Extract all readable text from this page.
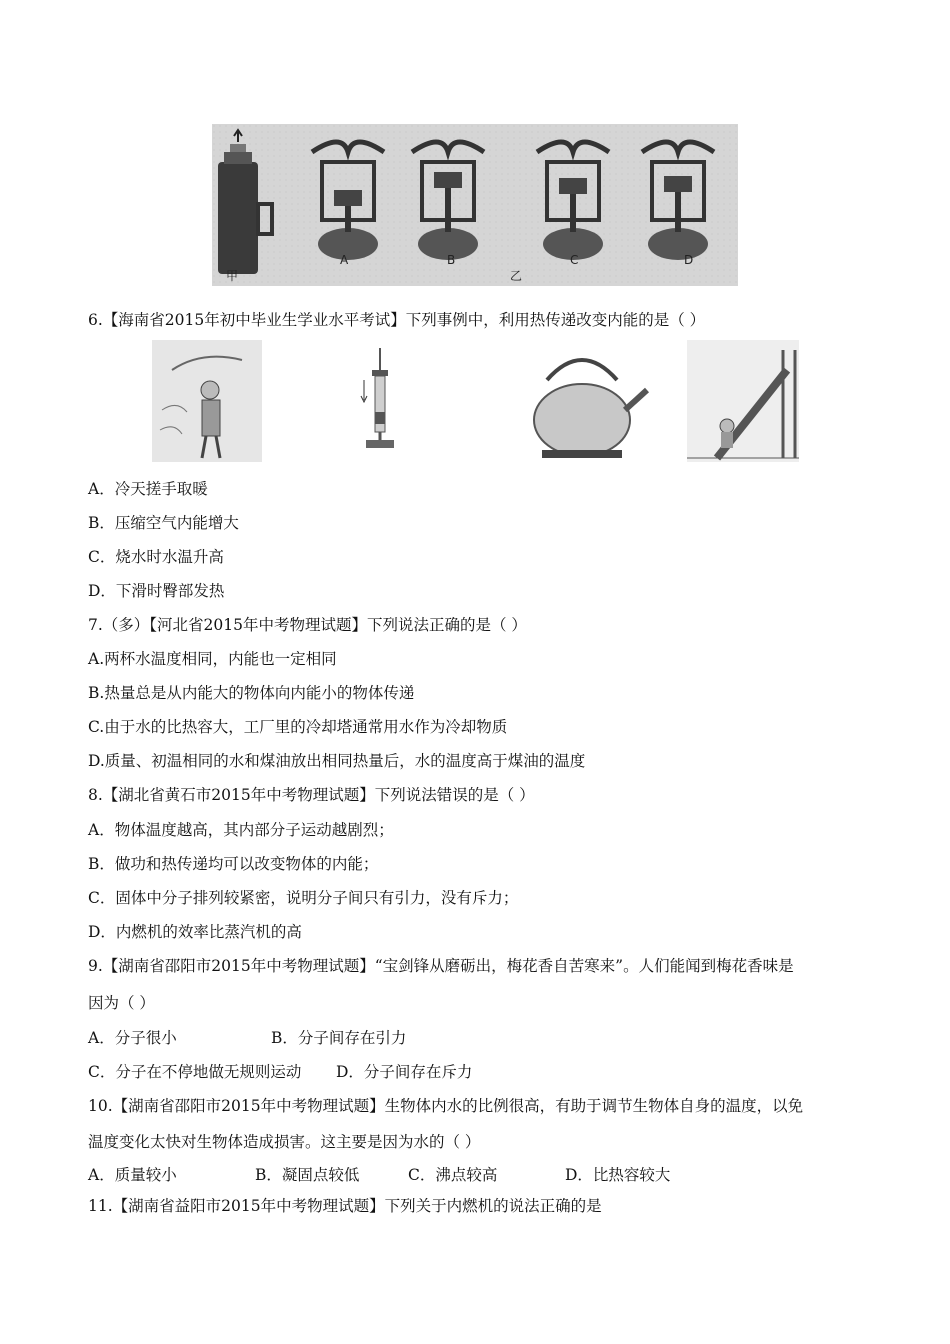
甲
A	B
乙
C	D
6.【海南省2015年初中毕业生学业水平考试】下列事例中，利用热传递改变内能的是（ ）
A．冷天搓手取暖
B．压缩空气内能增大
C．烧水时水温升高
D．下滑时臀部发热
7.（多）【河北省2015年中考物理试题】下列说法正确的是（ ）
A.两杯水温度相同，内能也一定相同
B.热量总是从内能大的物体向内能小的物体传递
C.由于水的比热容大，工厂里的冷却塔通常用水作为冷却物质
D.质量、初温相同的水和煤油放出相同热量后，水的温度高于煤油的温度
8.【湖北省黄石市2015年中考物理试题】下列说法错误的是（ ）
A．物体温度越高，其内部分子运动越剧烈；
B．做功和热传递均可以改变物体的内能；
C．固体中分子排列较紧密，说明分子间只有引力，没有斥力；
D．内燃机的效率比蒸汽机的高
9.【湖南省邵阳市2015年中考物理试题】“宝剑锋从磨砺出，梅花香自苦寒来”。人们能闻到梅花香味是
因为（ ）
A．分子很小	B．分子间存在引力
C．分子在不停地做无规则运动 D．分子间存在斥力
10.【湖南省邵阳市2015年中考物理试题】生物体内水的比例很高，有助于调节生物体自身的温度，以免
温度变化太快对生物体造成损害。这主要是因为水的（ ）
A．质量较小	B．凝固点较低	C．沸点较高	D．比热容较大
11.【湖南省益阳市2015年中考物理试题】下列关于内燃机的说法正确的是
